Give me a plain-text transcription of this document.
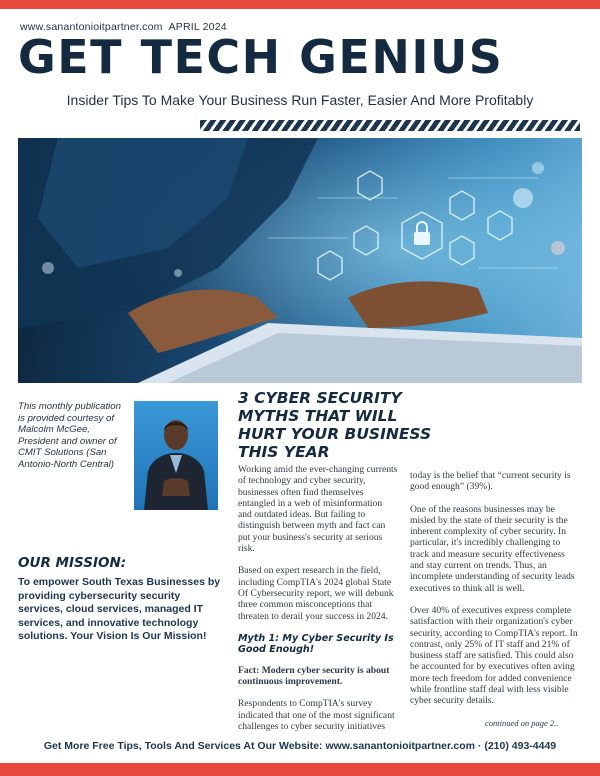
www.sanantonioitpartner.com APRIL 2024
GET TECH GENIUS
Insider Tips To Make Your Business Run Faster, Easier And More Profitably
This monthly publication is provided courtesy of Malcolm McGee, President and owner of CMIT Solutions (San Antonio-North Central)
3 CYBER SECURITY MYTHS THAT WILL HURT YOUR BUSINESS THIS YEAR
OUR MISSION:
To empower South Texas Businesses by providing cybersecurity security services, cloud services, managed IT services, and innovative technology solutions. Your Vision Is Our Mission!

Working amid the ever-changing currents of technology and cyber security, businesses often find themselves entangled in a web of misinformation and outdated ideas. But failing to distinguish between myth and fact can put your business's security at serious risk.

Based on expert research in the field, including CompTIA's 2024 global State Of Cybersecurity report, we will debunk three common misconceptions that threaten to derail your success in 2024.

Myth 1: My Cyber Security Is Good Enough!

Fact: Modern cyber security is about continuous improvement.

Respondents to CompTIA's survey indicated that one of the most significant challenges to cyber security initiatives

today is the belief that “current security is good enough” (39%).

One of the reasons businesses may be misled by the state of their security is the inherent complexity of cyber security. In particular, it's incredibly challenging to track and measure security effectiveness and stay current on trends. Thus, an incomplete understanding of security leads executives to think all is well.

Over 40% of executives express complete satisfaction with their organization's cyber security, according to CompTIA's report. In contrast, only 25% of IT staff and 21% of business staff are satisfied. This could also be accounted for by executives often aving more tech freedom for added convenience while frontline staff deal with less visible cyber security details.

continued on page 2..
Get More Free Tips, Tools And Services At Our Website: www.sanantonioitpartner.com · (210) 493-4449
